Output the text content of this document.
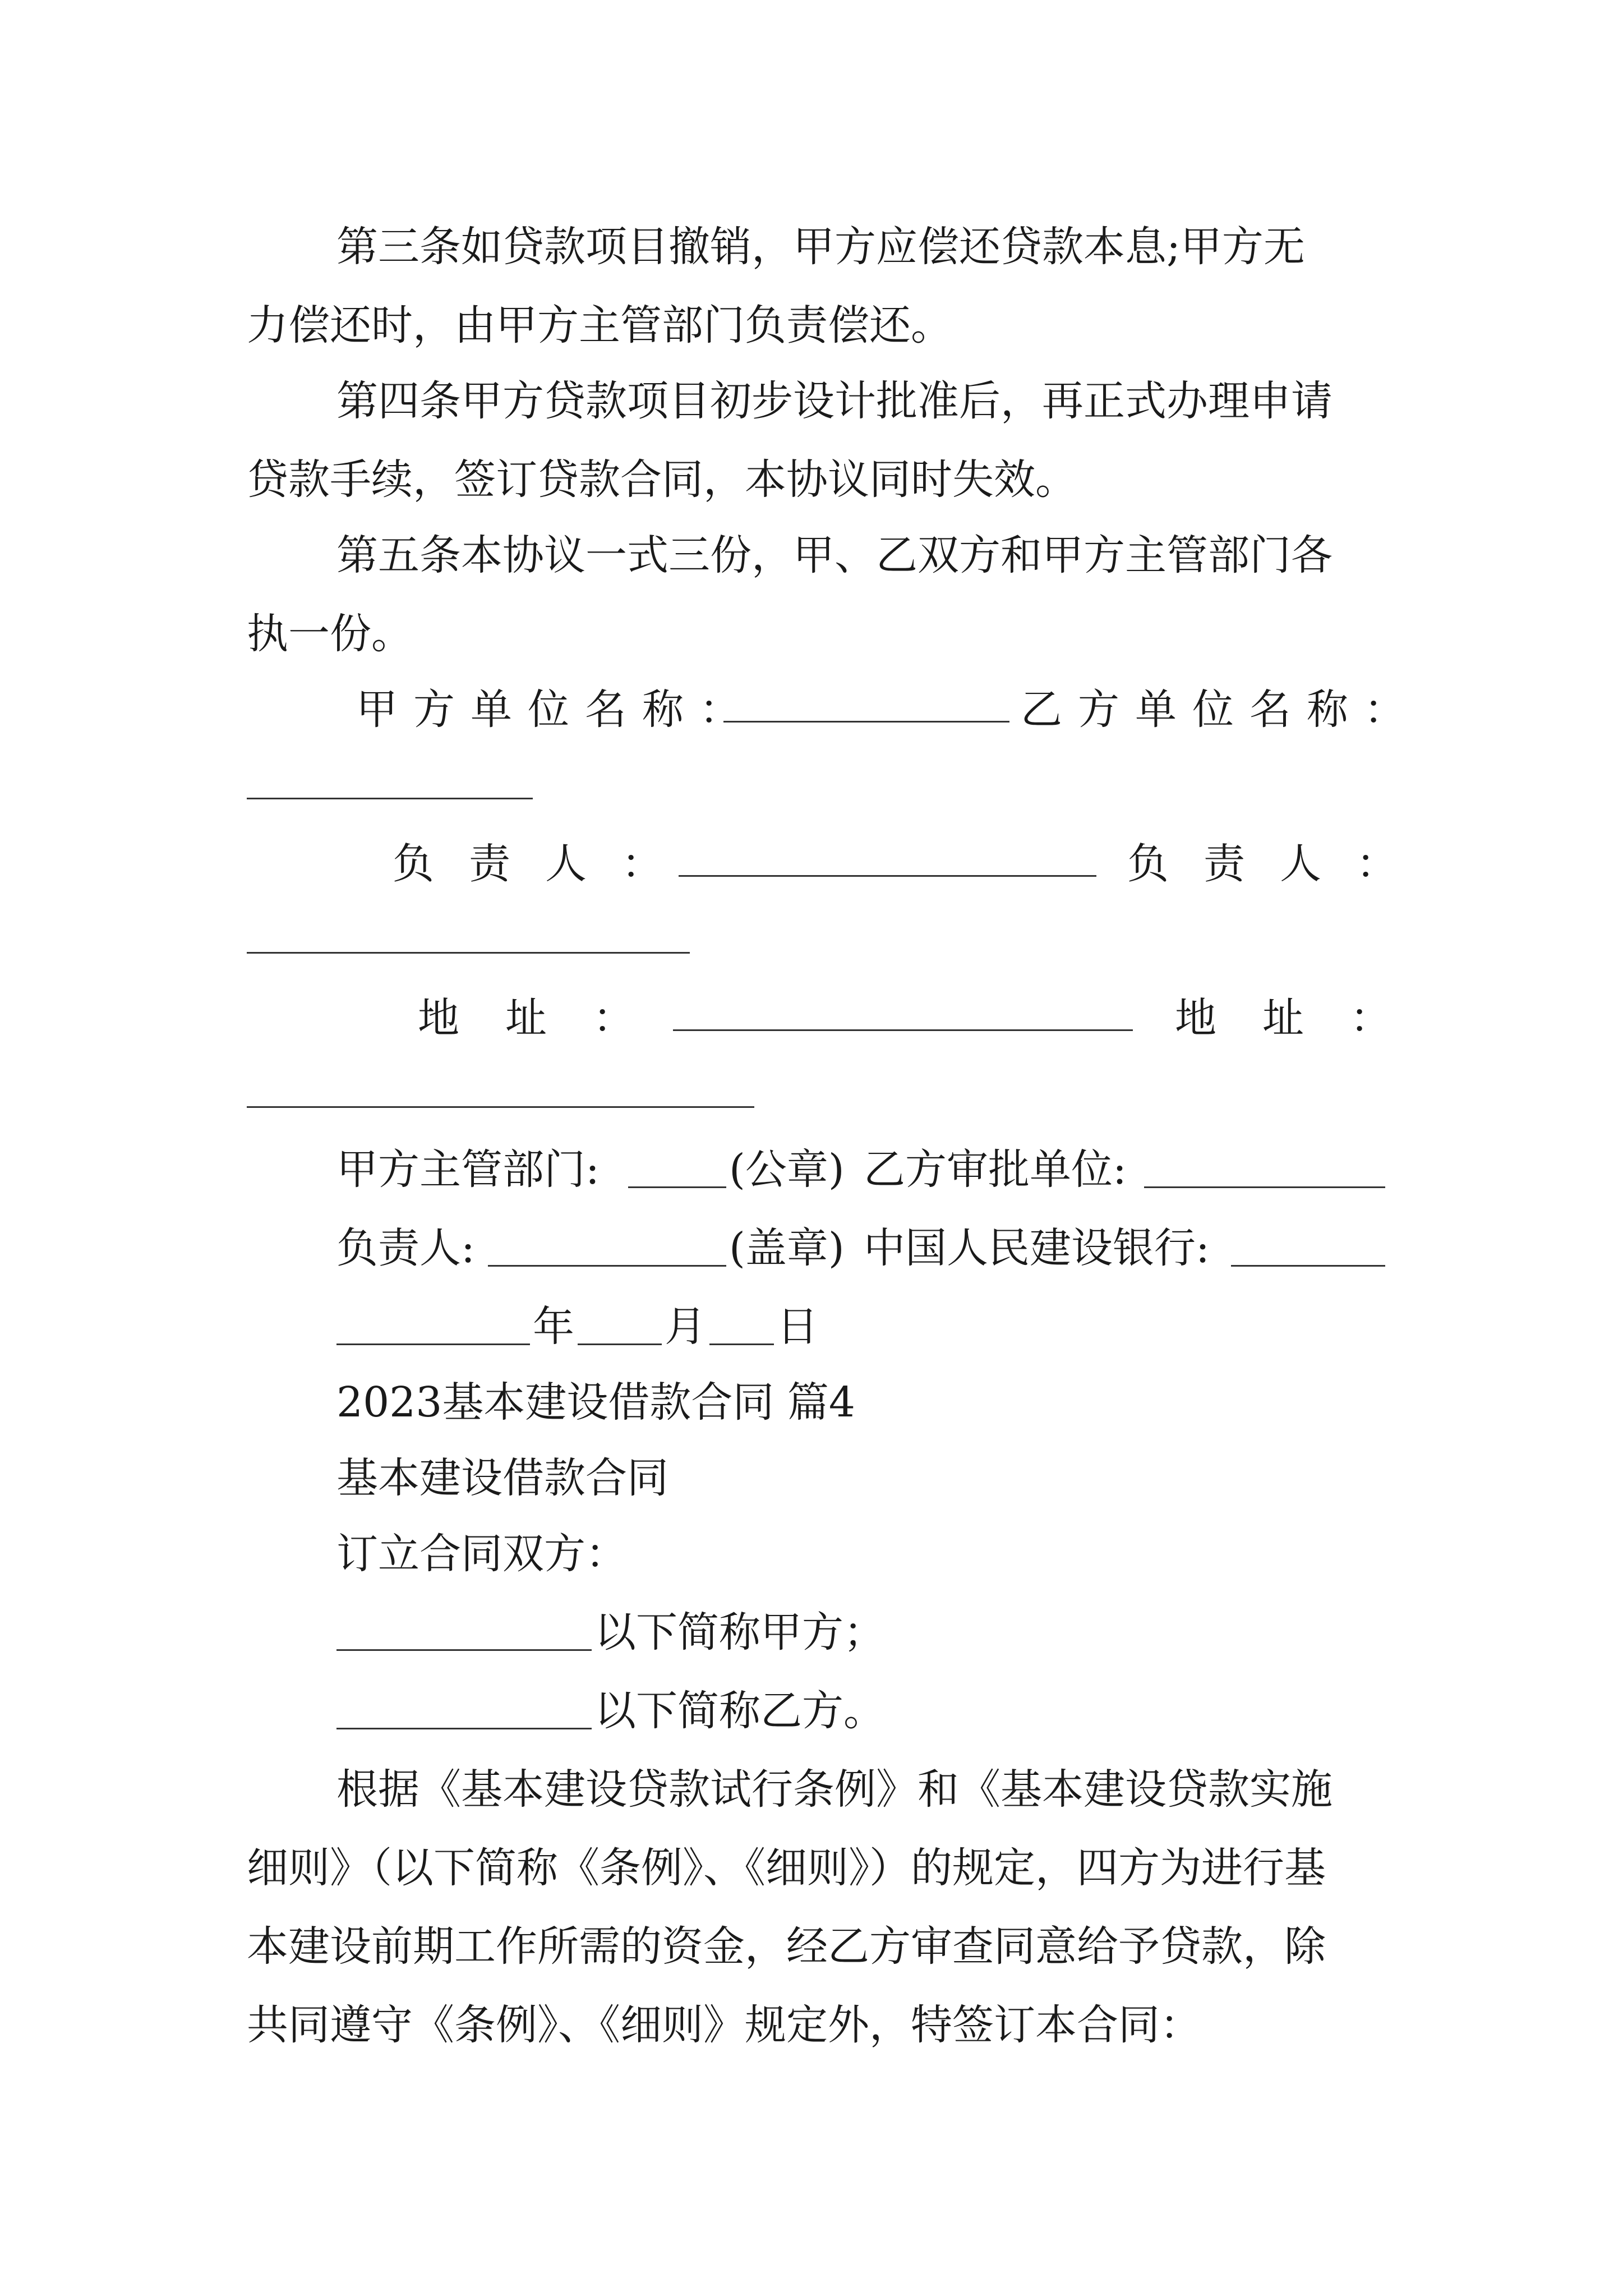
第三条如贷款项目撤销，甲方应偿还贷款本息;甲方无
力偿还时，由甲方主管部门负责偿还。
第四条甲方贷款项目初步设计批准后，再正式办理申请
贷款手续，签订贷款合同，本协议同时失效。
第五条本协议一式三份，甲、乙双方和甲方主管部门各
执一份。
甲方单位名称：	乙方单位名称：
负责人：	负责人：
地址：	地址：
甲方主管部门:	(公章) 乙方审批单位:
负责人:	(盖章) 中国人民建设银行:
年 月 日
2023基本建设借款合同 篇4
基本建设借款合同
订立合同双方：
以下简称甲方；
以下简称乙方。
根据《基本建设贷款试行条例》和《基本建设贷款实施
细则》（以下简称《条例》、《细则》）的规定，四方为进行基
本建设前期工作所需的资金，经乙方审查同意给予贷款，除
共同遵守《条例》、《细则》规定外，特签订本合同：
